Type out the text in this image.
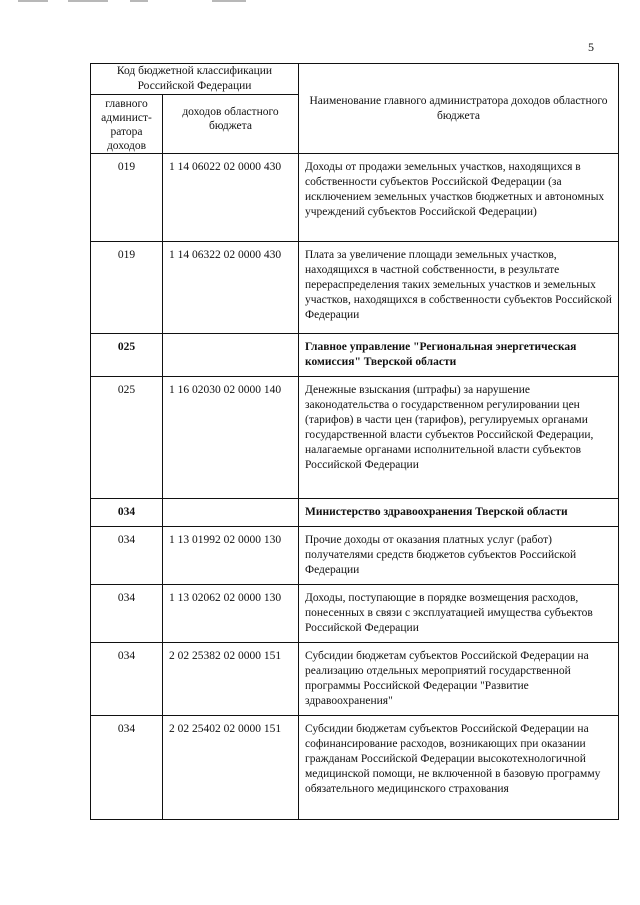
5
Код бюджетной классификации Российской Федерации		Наименование главного администратора доходов областного бюджета

главного админист-ратора доходов	доходов областного бюджета	

019	1 14 06022 02 0000 430	Доходы от продажи земельных участков, находящихся в собственности субъектов Российской Федерации (за исключением земельных участков бюджетных и автономных учреждений субъектов Российской Федерации)
019	1 14 06322 02 0000 430	Плата за увеличение площади земельных участков, находящихся в частной собственности, в результате перераспределения таких земельных участков и земельных участков, находящихся в собственности субъектов Российской Федерации
025		Главное управление "Региональная энергетическая комиссия" Тверской области
025	1 16 02030 02 0000 140	Денежные взыскания (штрафы) за нарушение законодательства о государственном регулировании цен (тарифов) в части цен (тарифов), регулируемых органами государственной власти субъектов Российской Федерации, налагаемые органами исполнительной власти субъектов Российской Федерации
034		Министерство здравоохранения Тверской области
034	1 13 01992 02 0000 130	Прочие доходы от оказания платных услуг (работ) получателями средств бюджетов субъектов Российской Федерации
034	1 13 02062 02 0000 130	Доходы, поступающие в порядке возмещения расходов, понесенных в связи с эксплуатацией имущества субъектов Российской Федерации
034	2 02 25382 02 0000 151	Субсидии бюджетам субъектов Российской Федерации на реализацию отдельных мероприятий государственной программы Российской Федерации "Развитие здравоохранения"
034	2 02 25402 02 0000 151	Субсидии бюджетам субъектов Российской Федерации на софинансирование расходов, возникающих при оказании гражданам Российской Федерации высокотехнологичной медицинской помощи, не включенной в базовую программу обязательного медицинского страхования
